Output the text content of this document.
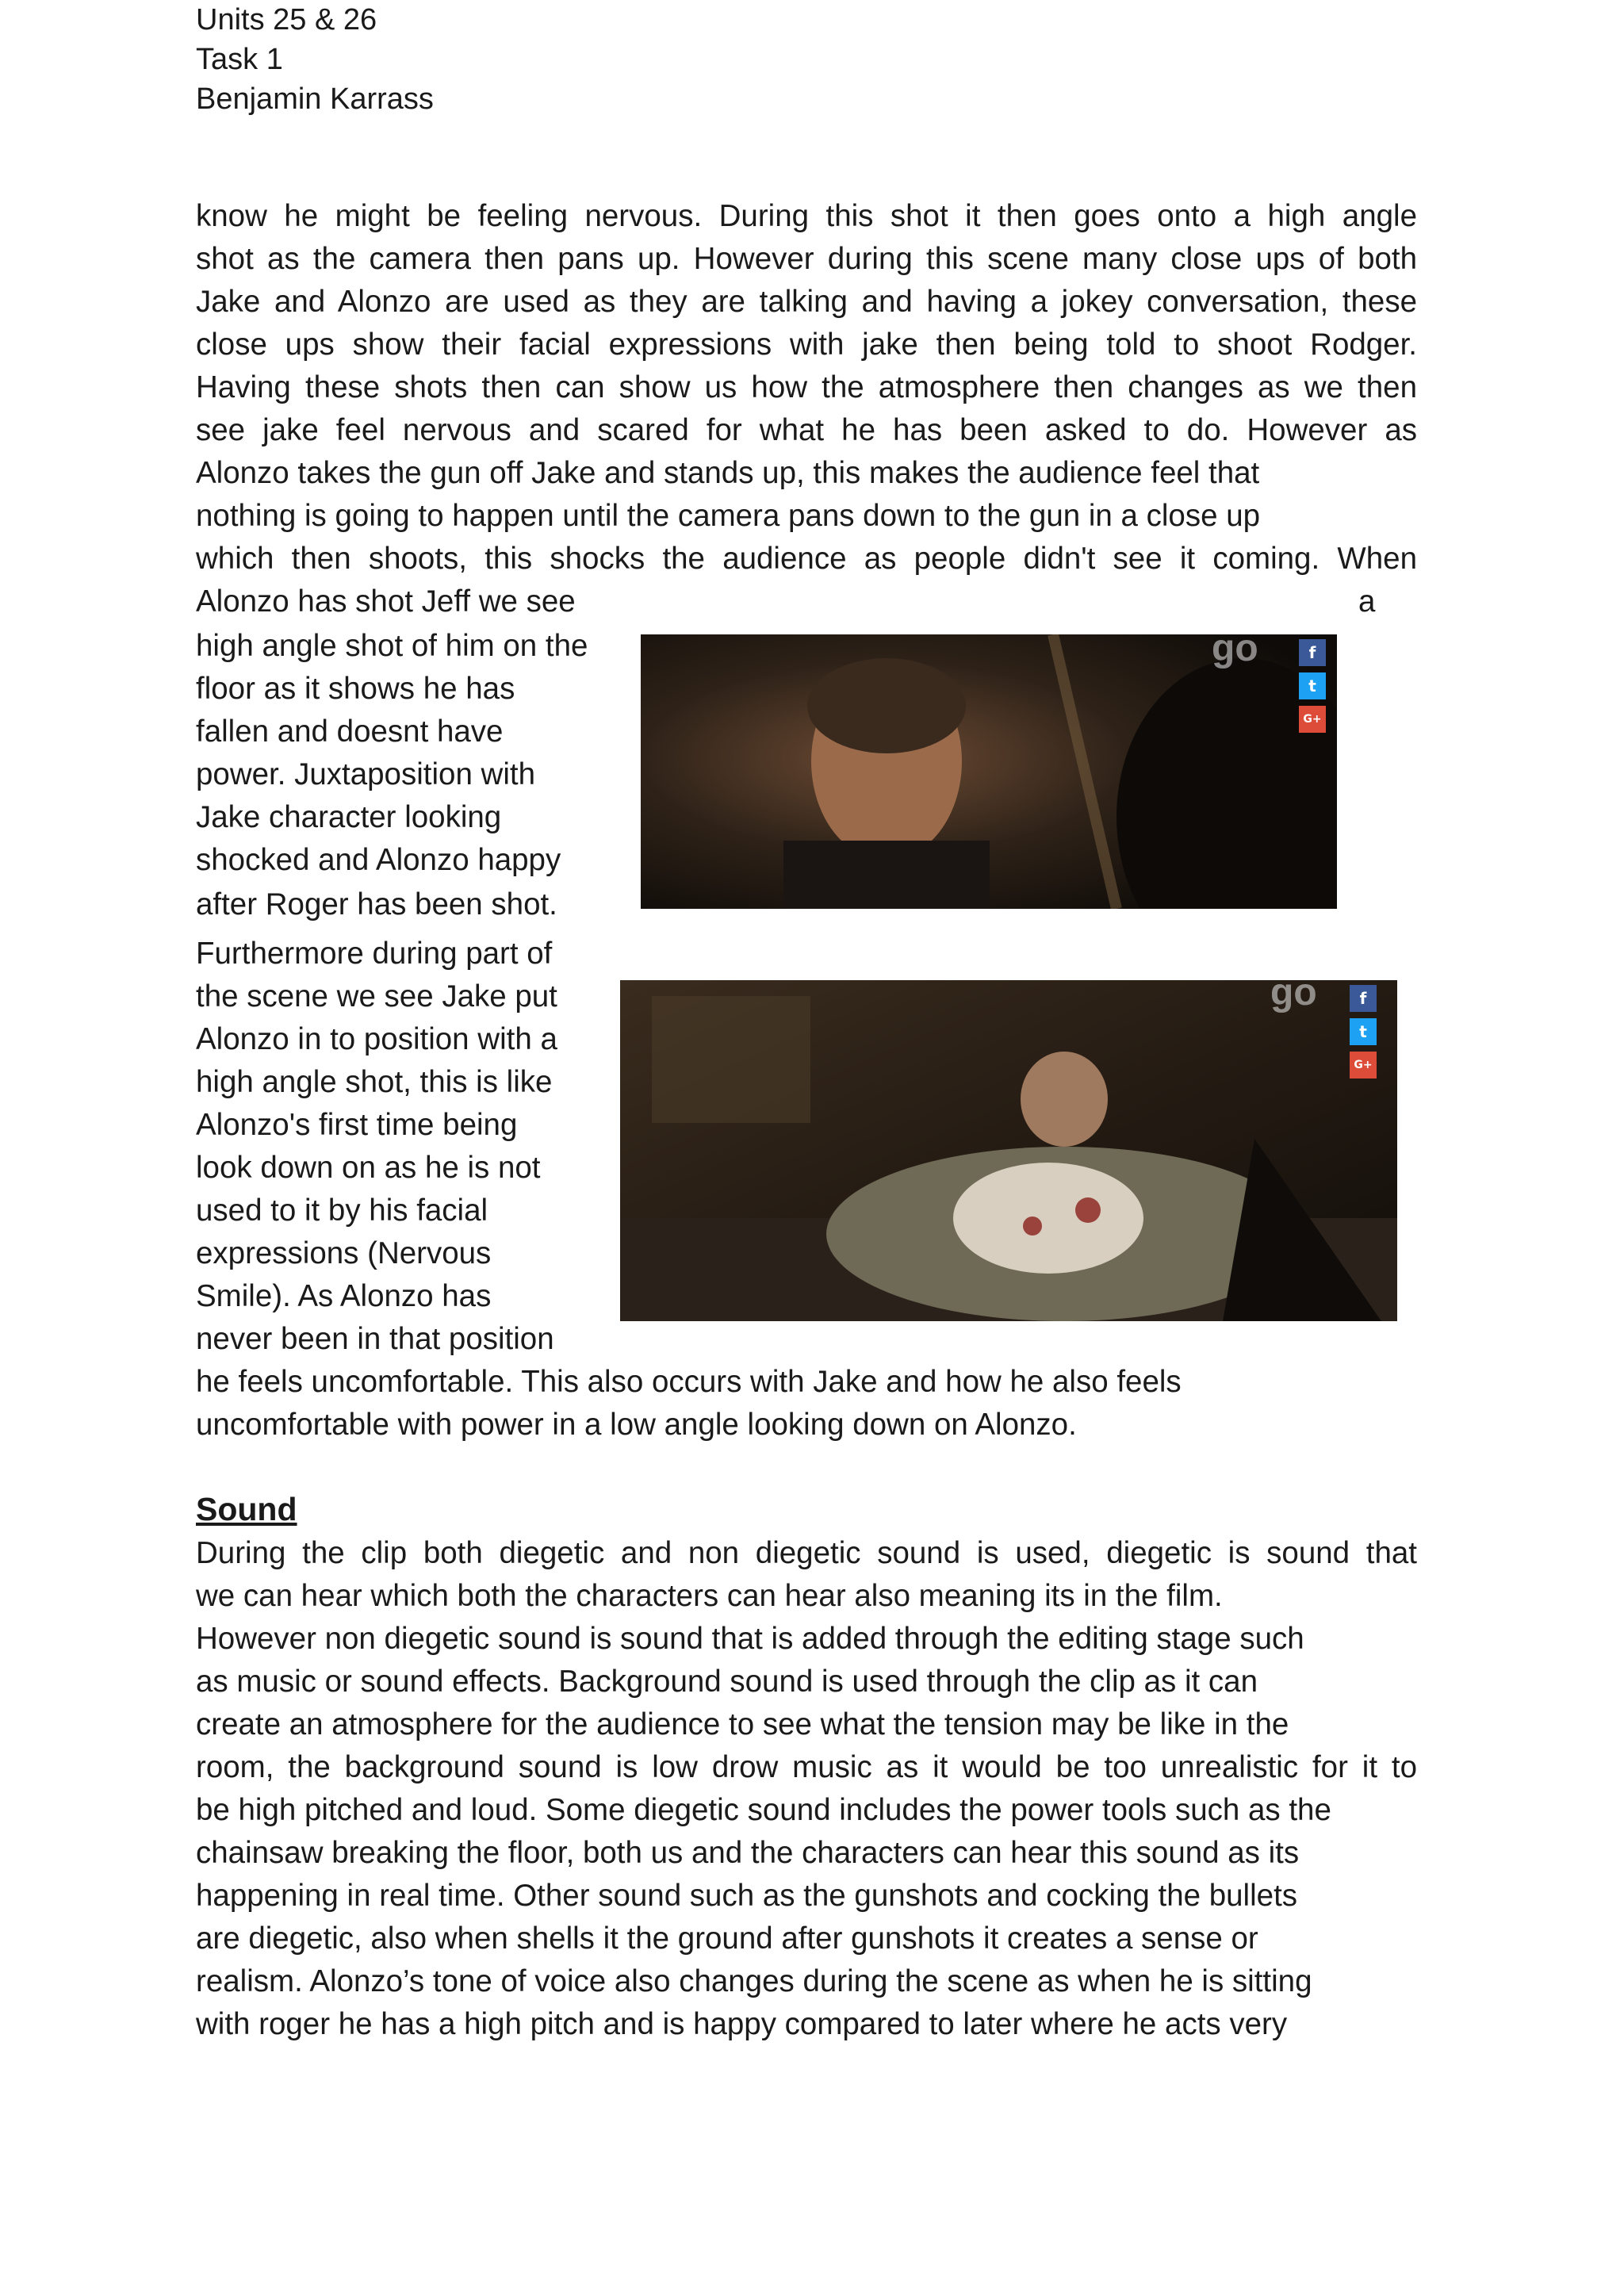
Units 25 & 26
Task 1
Benjamin Karrass
know he might be feeling nervous. During this shot it then goes onto a high angle
shot as the camera then pans up. However during this scene many close ups of both
Jake and Alonzo are used as they are talking and having a jokey conversation, these
close ups show their facial expressions with jake then being told to shoot Rodger.
Having these shots then can show us how the atmosphere then changes as we then
see jake feel nervous and scared for what he has been asked to do. However as
Alonzo takes the gun off Jake and stands up, this makes the audience feel that
nothing is going to happen until the camera pans down to the gun in a close up
which then shoots, this shocks the audience as people didn't see it coming. When
Alonzo has shot Jeff we see	a
high angle shot of him on the
floor as it shows he has
fallen and doesnt have
power. Juxtaposition with
Jake character looking
shocked and Alonzo happy
after Roger has been shot.
go	f
t
G+
Furthermore during part of
the scene we see Jake put
Alonzo in to position with a
high angle shot, this is like
Alonzo's first time being
look down on as he is not
used to it by his facial
expressions (Nervous
Smile). As Alonzo has
never been in that position
go	f
t
G+
he feels uncomfortable. This also occurs with Jake and how he also feels
uncomfortable with power in a low angle looking down on Alonzo.
Sound
During the clip both diegetic and non diegetic sound is used, diegetic is sound that
we can hear which both the characters can hear also meaning its in the film.
However non diegetic sound is sound that is added through the editing stage such
as music or sound effects. Background sound is used through the clip as it can
create an atmosphere for the audience to see what the tension may be like in the
room, the background sound is low drow music as it would be too unrealistic for it to
be high pitched and loud. Some diegetic sound includes the power tools such as the
chainsaw breaking the floor, both us and the characters can hear this sound as its
happening in real time. Other sound such as the gunshots and cocking the bullets
are diegetic, also when shells it the ground after gunshots it creates a sense or
realism. Alonzo’s tone of voice also changes during the scene as when he is sitting
with roger he has a high pitch and is happy compared to later where he acts very
